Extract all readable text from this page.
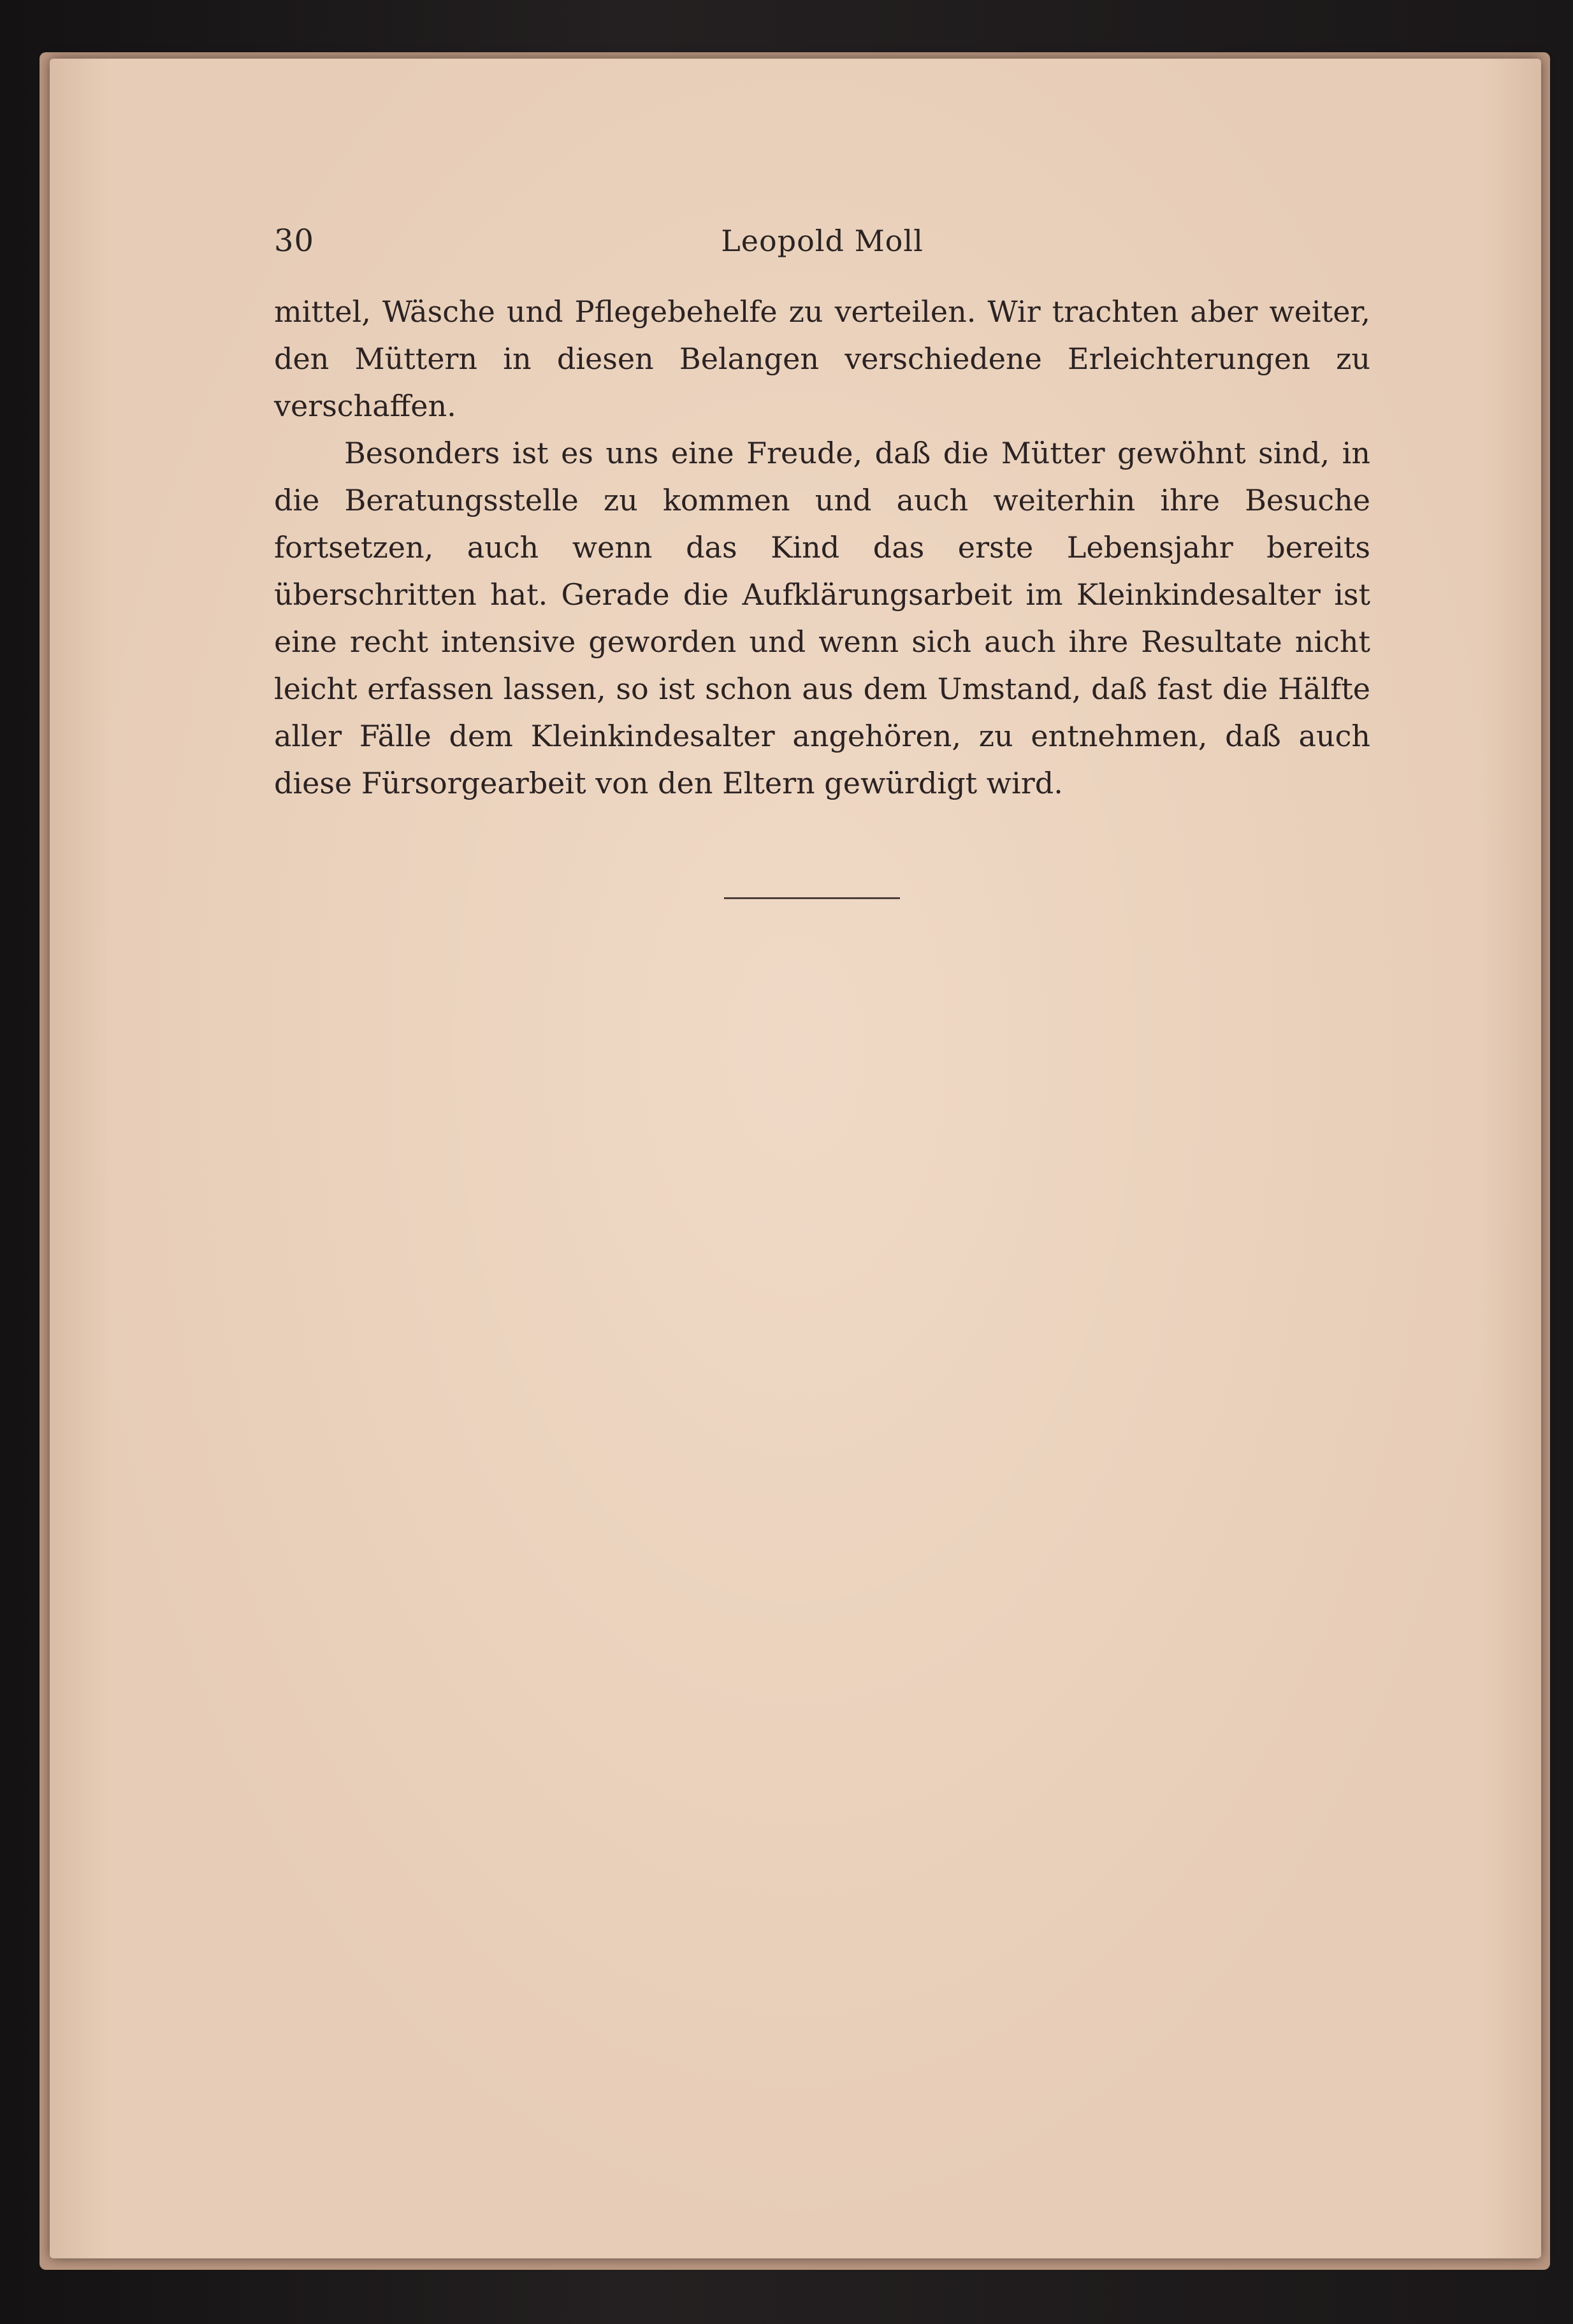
30	Leopold Moll

mittel, Wäsche und Pflegebehelfe zu verteilen. Wir trachten aber weiter, den Müttern in diesen Belangen verschiedene Erleichterungen zu verschaffen.

Besonders ist es uns eine Freude, daß die Mütter gewöhnt sind, in die Beratungsstelle zu kommen und auch weiterhin ihre Besuche fortsetzen, auch wenn das Kind das erste Lebensjahr bereits überschritten hat. Gerade die Aufklärungsarbeit im Kleinkindesalter ist eine recht intensive geworden und wenn sich auch ihre Resultate nicht leicht erfassen lassen, so ist schon aus dem Umstand, daß fast die Hälfte aller Fälle dem Kleinkindesalter angehören, zu entnehmen, daß auch diese Fürsorgearbeit von den Eltern gewürdigt wird.
